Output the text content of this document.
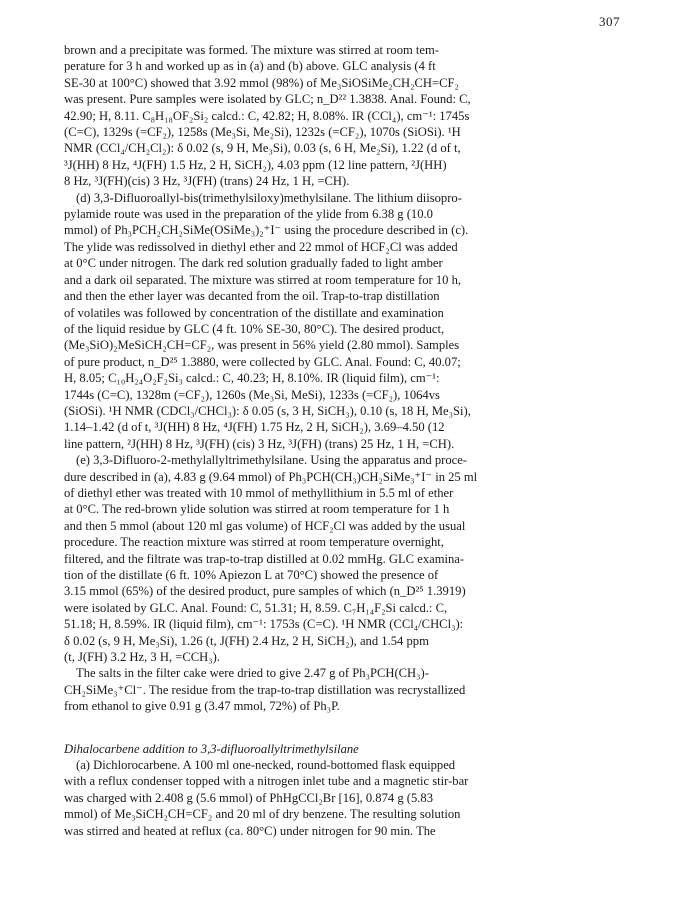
307
brown and a precipitate was formed. The mixture was stirred at room tem-
perature for 3 h and worked up as in (a) and (b) above. GLC analysis (4 ft
SE-30 at 100°C) showed that 3.92 mmol (98%) of Me₃SiOSiMe₂CH₂CH=CF₂
was present. Pure samples were isolated by GLC; n_D²² 1.3838. Anal. Found: C,
42.90; H, 8.11. C₈H₁₈OF₂Si₂ calcd.: C, 42.82; H, 8.08%. IR (CCl₄), cm⁻¹: 1745s
(C=C), 1329s (=CF₂), 1258s (Me₃Si, Me₂Si), 1232s (=CF₂), 1070s (SiOSi). ¹H
NMR (CCl₄/CH₂Cl₂): δ 0.02 (s, 9 H, Me₃Si), 0.03 (s, 6 H, Me₂Si), 1.22 (d of t,
³J(HH) 8 Hz, ⁴J(FH) 1.5 Hz, 2 H, SiCH₂), 4.03 ppm (12 line pattern, ²J(HH)
8 Hz, ³J(FH)(cis) 3 Hz, ³J(FH) (trans) 24 Hz, 1 H, =CH).
(d) 3,3-Difluoroallyl-bis(trimethylsiloxy)methylsilane. The lithium diisopro-
pylamide route was used in the preparation of the ylide from 6.38 g (10.0
mmol) of Ph₃PCH₂CH₂SiMe(OSiMe₃)₂⁺I⁻ using the procedure described in (c).
The ylide was redissolved in diethyl ether and 22 mmol of HCF₂Cl was added
at 0°C under nitrogen. The dark red solution gradually faded to light amber
and a dark oil separated. The mixture was stirred at room temperature for 10 h,
and then the ether layer was decanted from the oil. Trap-to-trap distillation
of volatiles was followed by concentration of the distillate and examination
of the liquid residue by GLC (4 ft. 10% SE-30, 80°C). The desired product,
(Me₃SiO)₂MeSiCH₂CH=CF₂, was present in 56% yield (2.80 mmol). Samples
of pure product, n_D²⁵ 1.3880, were collected by GLC. Anal. Found: C, 40.07;
H, 8.05; C₁₀H₂₄O₂F₂Si₃ calcd.: C, 40.23; H, 8.10%. IR (liquid film), cm⁻¹:
1744s (C=C), 1328m (=CF₂), 1260s (Me₃Si, MeSi), 1233s (=CF₂), 1064vs
(SiOSi). ¹H NMR (CDCl₃/CHCl₃): δ 0.05 (s, 3 H, SiCH₃), 0.10 (s, 18 H, Me₃Si),
1.14–1.42 (d of t, ³J(HH) 8 Hz, ⁴J(FH) 1.75 Hz, 2 H, SiCH₂), 3.69–4.50 (12
line pattern, ²J(HH) 8 Hz, ³J(FH) (cis) 3 Hz, ³J(FH) (trans) 25 Hz, 1 H, =CH).
(e) 3,3-Difluoro-2-methylallyltrimethylsilane. Using the apparatus and proce-
dure described in (a), 4.83 g (9.64 mmol) of Ph₃PCH(CH₃)CH₂SiMe₃⁺I⁻ in 25 ml
of diethyl ether was treated with 10 mmol of methyllithium in 5.5 ml of ether
at 0°C. The red-brown ylide solution was stirred at room temperature for 1 h
and then 5 mmol (about 120 ml gas volume) of HCF₂Cl was added by the usual
procedure. The reaction mixture was stirred at room temperature overnight,
filtered, and the filtrate was trap-to-trap distilled at 0.02 mmHg. GLC examina-
tion of the distillate (6 ft. 10% Apiezon L at 70°C) showed the presence of
3.15 mmol (65%) of the desired product, pure samples of which (n_D²⁵ 1.3919)
were isolated by GLC. Anal. Found: C, 51.31; H, 8.59. C₇H₁₄F₂Si calcd.: C,
51.18; H, 8.59%. IR (liquid film), cm⁻¹: 1753s (C=C). ¹H NMR (CCl₄/CHCl₃):
δ 0.02 (s, 9 H, Me₃Si), 1.26 (t, J(FH) 2.4 Hz, 2 H, SiCH₂), and 1.54 ppm
(t, J(FH) 3.2 Hz, 3 H, =CCH₃).
The salts in the filter cake were dried to give 2.47 g of Ph₃PCH(CH₃)-
CH₂SiMe₃⁺Cl⁻. The residue from the trap-to-trap distillation was recrystallized
from ethanol to give 0.91 g (3.47 mmol, 72%) of Ph₃P.
Dihalocarbene addition to 3,3-difluoroallyltrimethylsilane
(a) Dichlorocarbene. A 100 ml one-necked, round-bottomed flask equipped
with a reflux condenser topped with a nitrogen inlet tube and a magnetic stir-bar
was charged with 2.408 g (5.6 mmol) of PhHgCCl₂Br [16], 0.874 g (5.83
mmol) of Me₃SiCH₂CH=CF₂ and 20 ml of dry benzene. The resulting solution
was stirred and heated at reflux (ca. 80°C) under nitrogen for 90 min. The
